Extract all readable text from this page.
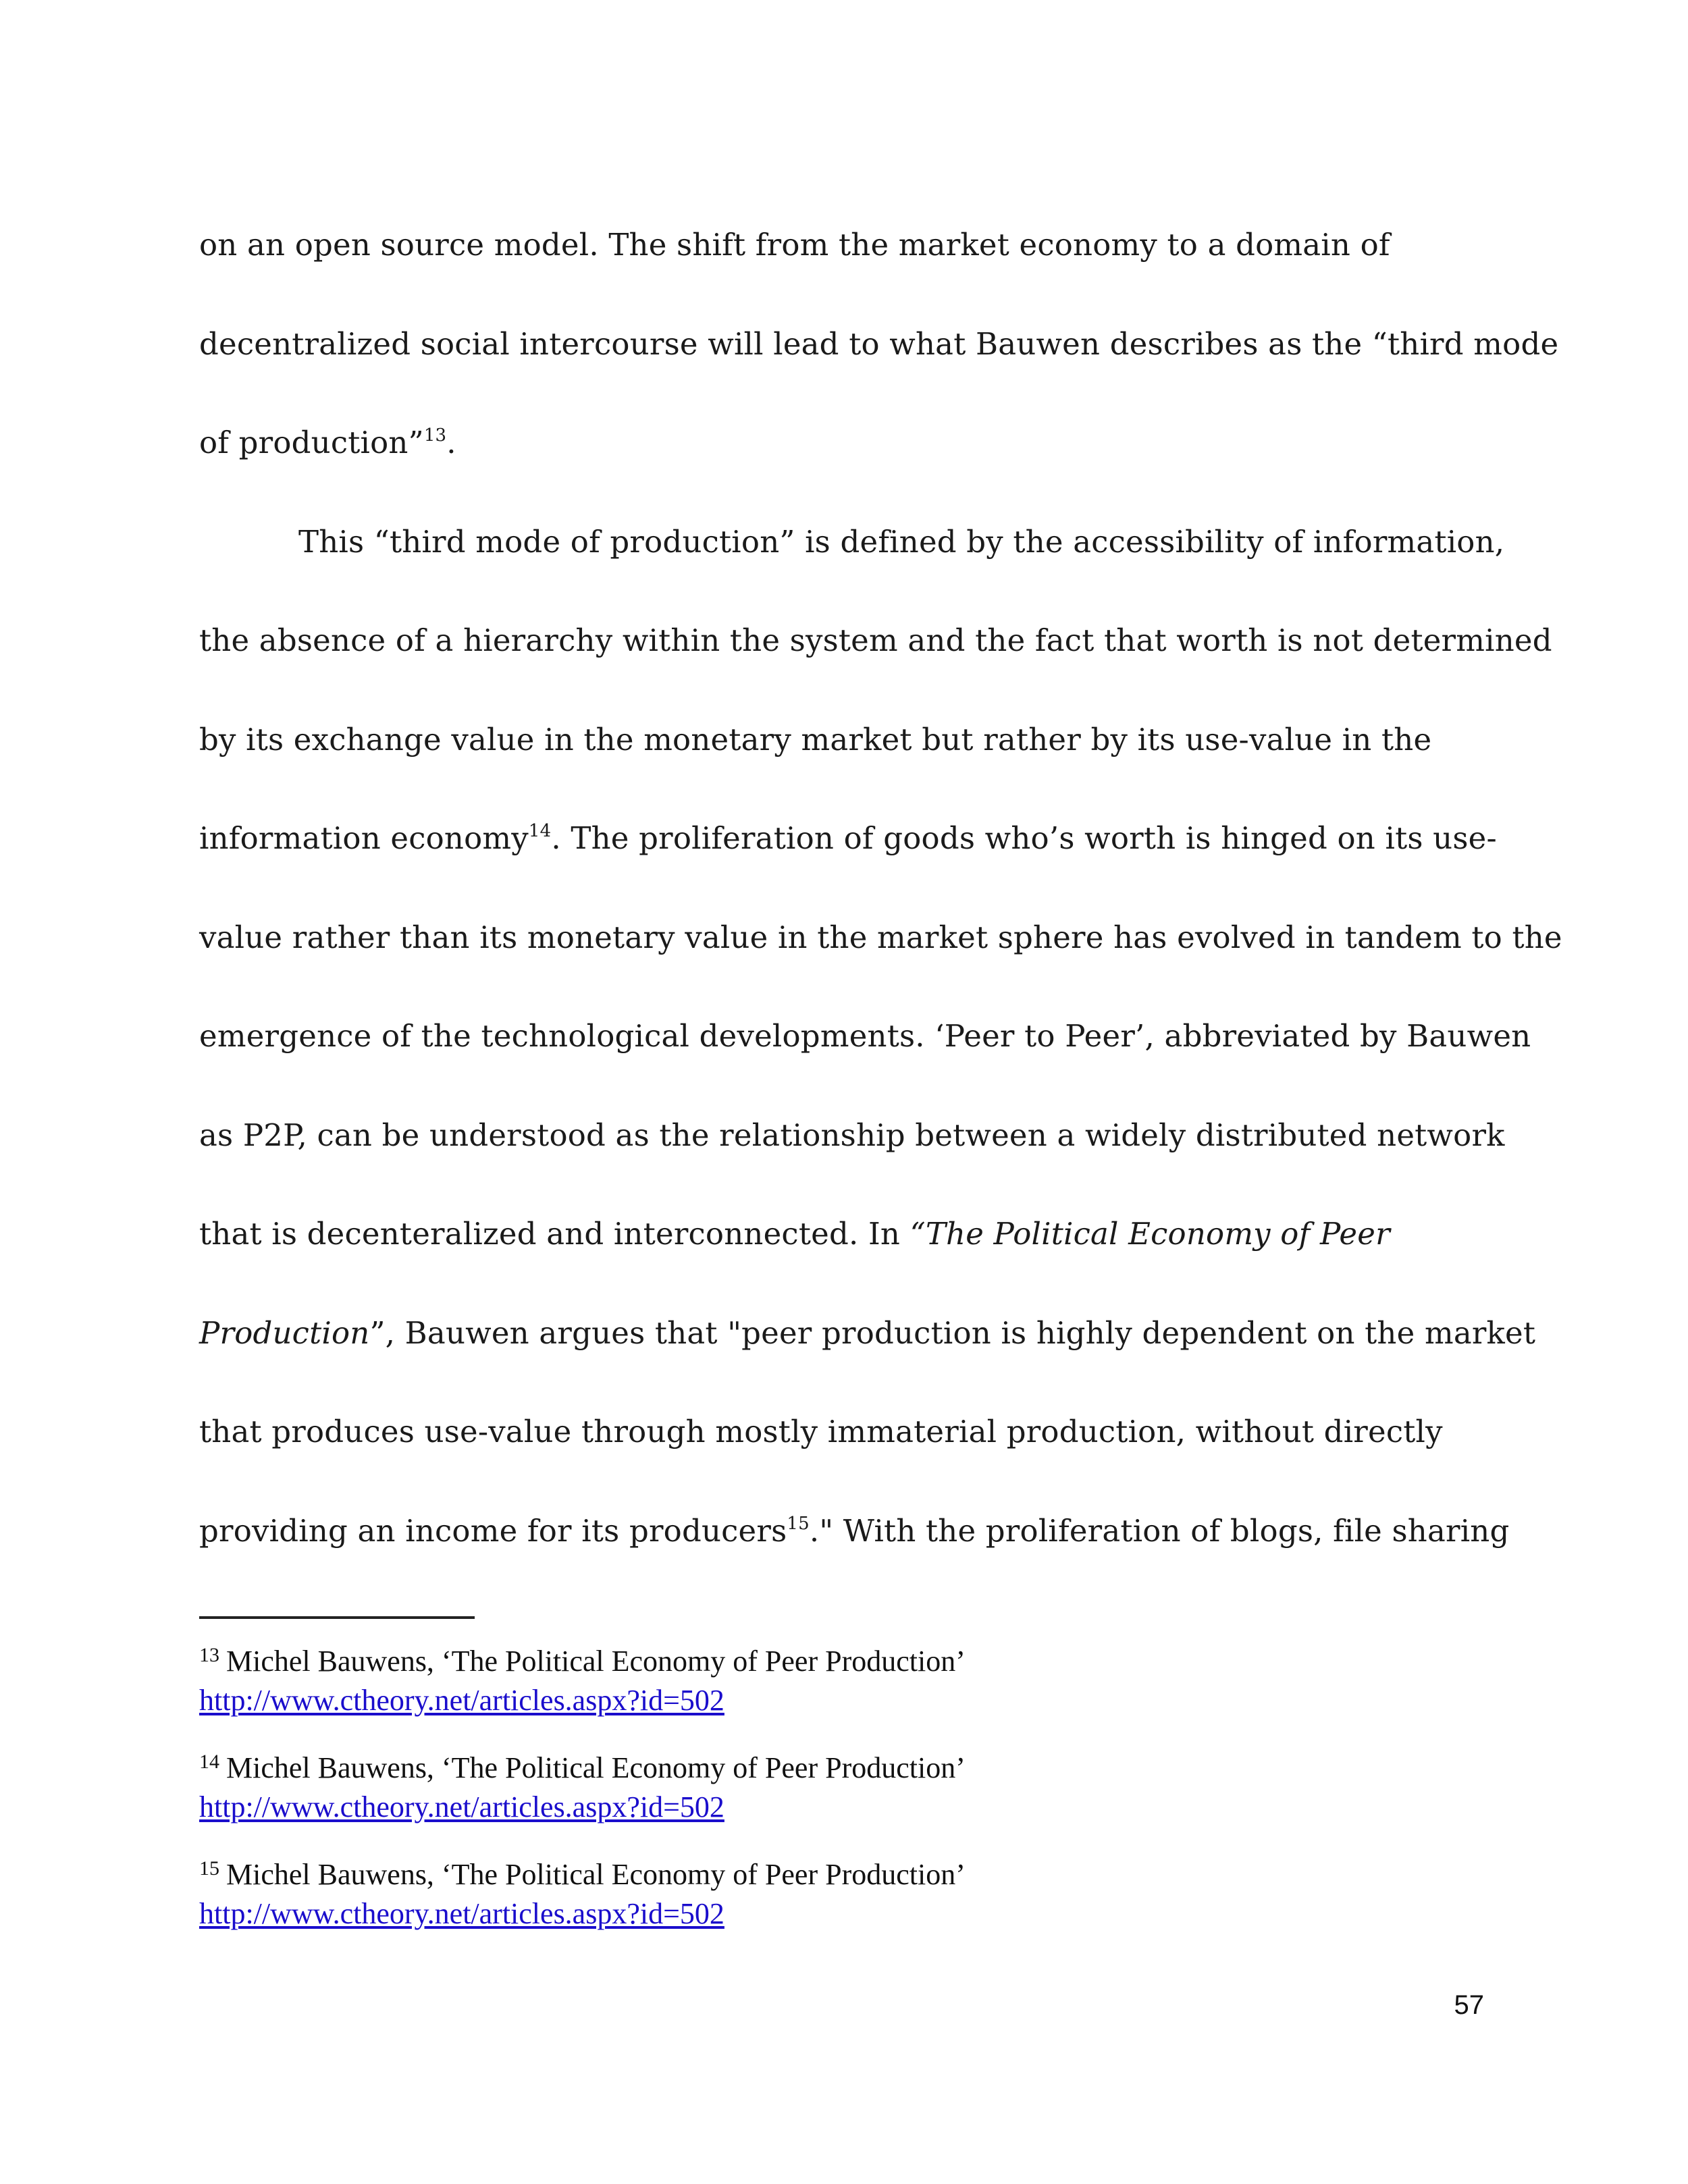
on an open source model. The shift from the market economy to a domain of
decentralized social intercourse will lead to what Bauwen describes as the “third mode
of production”$^{13}$.
This “third mode of production” is defined by the accessibility of information,
the absence of a hierarchy within the system and the fact that worth is not determined
by its exchange value in the monetary market but rather by its use-value in the
information economy$^{14}$. The proliferation of goods who’s worth is hinged on its use-
value rather than its monetary value in the market sphere has evolved in tandem to the
emergence of the technological developments. ‘Peer to Peer’, abbreviated by Bauwen
as P2P, can be understood as the relationship between a widely distributed network
that is decenteralized and interconnected. In “The Political Economy of Peer
Production”, Bauwen argues that "peer production is highly dependent on the market
that produces use-value through mostly immaterial production, without directly
providing an income for its producers$^{15}$." With the proliferation of blogs, file sharing
$^{13}$ Michel Bauwens, ‘The Political Economy of Peer Production’
http://www.ctheory.net/articles.aspx?id=502
$^{14}$ Michel Bauwens, ‘The Political Economy of Peer Production’
http://www.ctheory.net/articles.aspx?id=502
$^{15}$ Michel Bauwens, ‘The Political Economy of Peer Production’
http://www.ctheory.net/articles.aspx?id=502
57
